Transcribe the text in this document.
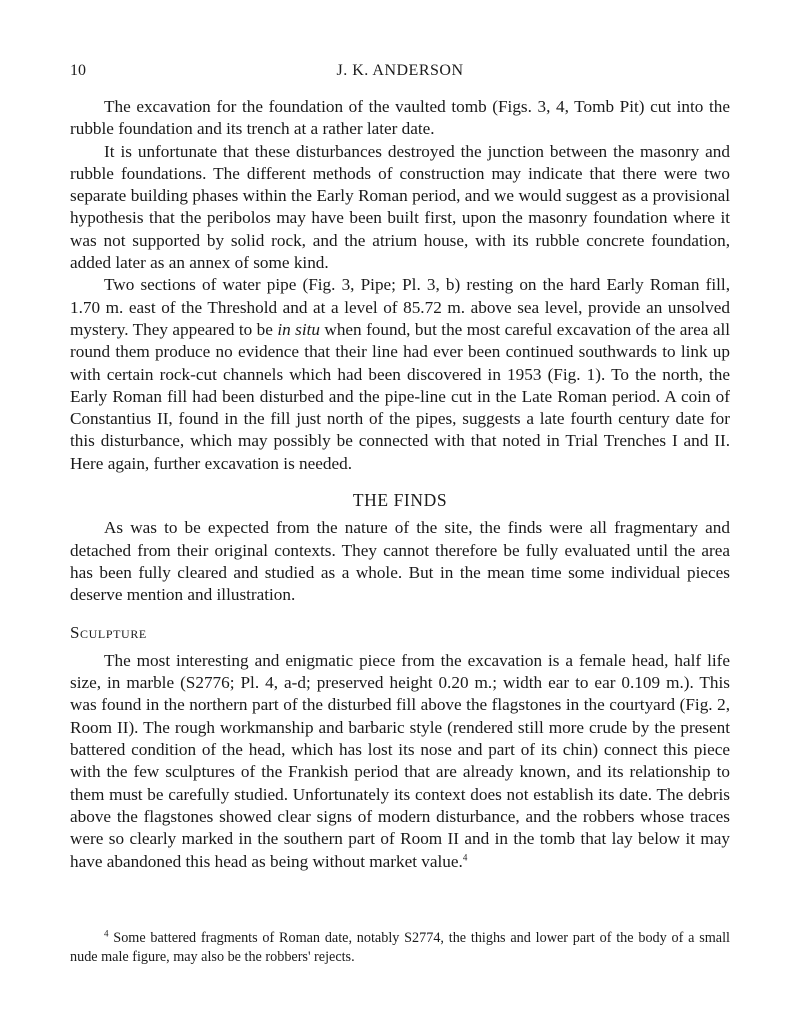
10	J. K. ANDERSON

The excavation for the foundation of the vaulted tomb (Figs. 3, 4, Tomb Pit) cut into the rubble foundation and its trench at a rather later date.

It is unfortunate that these disturbances destroyed the junction between the masonry and rubble foundations. The different methods of construction may indicate that there were two separate building phases within the Early Roman period, and we would suggest as a provisional hypothesis that the peribolos may have been built first, upon the masonry foundation where it was not supported by solid rock, and the atrium house, with its rubble concrete foundation, added later as an annex of some kind.

Two sections of water pipe (Fig. 3, Pipe; Pl. 3, b) resting on the hard Early Roman fill, 1.70 m. east of the Threshold and at a level of 85.72 m. above sea level, provide an unsolved mystery. They appeared to be in situ when found, but the most careful excavation of the area all round them produce no evidence that their line had ever been continued southwards to link up with certain rock-cut channels which had been discovered in 1953 (Fig. 1). To the north, the Early Roman fill had been disturbed and the pipe-line cut in the Late Roman period. A coin of Constantius II, found in the fill just north of the pipes, suggests a late fourth century date for this disturbance, which may possibly be connected with that noted in Trial Trenches I and II. Here again, further excavation is needed.

THE FINDS

As was to be expected from the nature of the site, the finds were all fragmentary and detached from their original contexts. They cannot therefore be fully evaluated until the area has been fully cleared and studied as a whole. But in the mean time some individual pieces deserve mention and illustration.

Sculpture

The most interesting and enigmatic piece from the excavation is a female head, half life size, in marble (S2776; Pl. 4, a-d; preserved height 0.20 m.; width ear to ear 0.109 m.). This was found in the northern part of the disturbed fill above the flagstones in the courtyard (Fig. 2, Room II). The rough workmanship and barbaric style (rendered still more crude by the present battered condition of the head, which has lost its nose and part of its chin) connect this piece with the few sculptures of the Frankish period that are already known, and its relationship to them must be carefully studied. Unfortunately its context does not establish its date. The debris above the flagstones showed clear signs of modern disturbance, and the robbers whose traces were so clearly marked in the southern part of Room II and in the tomb that lay below it may have abandoned this head as being without market value.$^4$

$^4$ Some battered fragments of Roman date, notably S2774, the thighs and lower part of the body of a small nude male figure, may also be the robbers' rejects.
